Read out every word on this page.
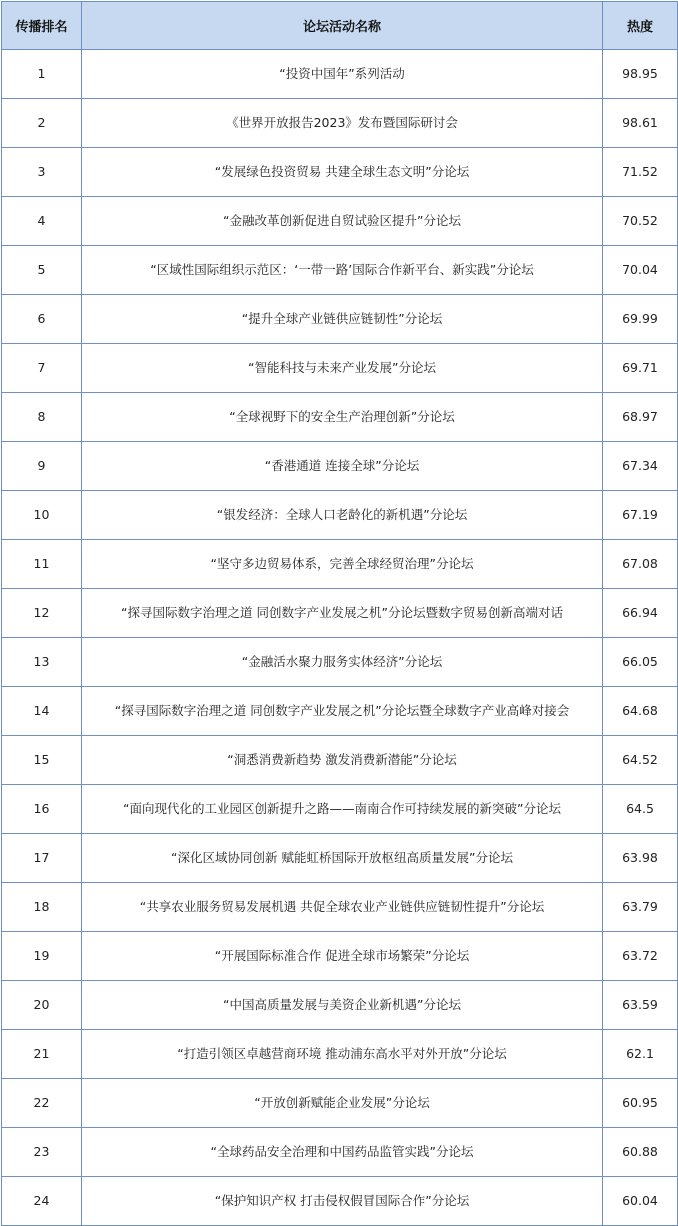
传播排名	论坛活动名称	热度
1	“投资中国年”系列活动	98.95
2	《世界开放报告2023》发布暨国际研讨会	98.61
3	“发展绿色投资贸易 共建全球生态文明”分论坛	71.52
4	“金融改革创新促进自贸试验区提升”分论坛	70.52
5	“区域性国际组织示范区：‘一带一路’国际合作新平台、新实践”分论坛	70.04
6	“提升全球产业链供应链韧性”分论坛	69.99
7	“智能科技与未来产业发展”分论坛	69.71
8	“全球视野下的安全生产治理创新”分论坛	68.97
9	“香港通道 连接全球”分论坛	67.34
10	“银发经济：全球人口老龄化的新机遇”分论坛	67.19
11	“坚守多边贸易体系，完善全球经贸治理”分论坛	67.08
12	“探寻国际数字治理之道 同创数字产业发展之机”分论坛暨数字贸易创新高端对话	66.94
13	“金融活水聚力服务实体经济”分论坛	66.05
14	“探寻国际数字治理之道 同创数字产业发展之机”分论坛暨全球数字产业高峰对接会	64.68
15	“洞悉消费新趋势 激发消费新潜能”分论坛	64.52
16	“面向现代化的工业园区创新提升之路——南南合作可持续发展的新突破”分论坛	64.5
17	“深化区域协同创新 赋能虹桥国际开放枢纽高质量发展”分论坛	63.98
18	“共享农业服务贸易发展机遇 共促全球农业产业链供应链韧性提升”分论坛	63.79
19	“开展国际标准合作 促进全球市场繁荣”分论坛	63.72
20	“中国高质量发展与美资企业新机遇”分论坛	63.59
21	“打造引领区卓越营商环境 推动浦东高水平对外开放”分论坛	62.1
22	“开放创新赋能企业发展”分论坛	60.95
23	“全球药品安全治理和中国药品监管实践”分论坛	60.88
24	“保护知识产权 打击侵权假冒国际合作”分论坛	60.04
